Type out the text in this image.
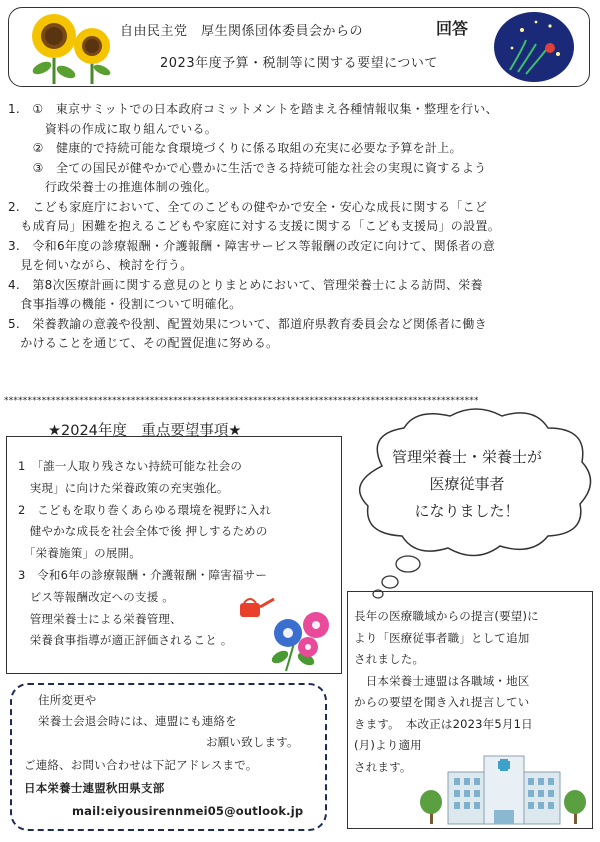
自由民主党　厚生関係団体委員会からの	回答
2023年度予算・税制等に関する要望について
1.　①　東京サミットでの日本政府コミットメントを踏まえ各種情報収集・整理を行い、
　　　資料の作成に取り組んでいる。
　　②　健康的で持続可能な食環境づくりに係る取組の充実に必要な予算を計上。
　　③　全ての国民が健やかで心豊かに生活できる持続可能な社会の実現に資するよう
　　　行政栄養士の推進体制の強化。
2.　こども家庭庁において、全てのこどもの健やかで安全・安心な成長に関する「こど
　も成育局」困難を抱えるこどもや家庭に対する支援に関する「こども支援局」の設置。
3.　令和6年度の診療報酬・介護報酬・障害サービス等報酬の改定に向けて、関係者の意
　見を伺いながら、検討を行う。
4.　第8次医療計画に関する意見のとりまとめにおいて、管理栄養士による訪問、栄養
　食事指導の機能・役割について明確化。
5.　栄養教諭の意義や役割、配置効果について、都道府県教育委員会など関係者に働き
　かけることを通じて、その配置促進に努める。
*****************************************************************************************************
★2024年度　重点要望事項★
1　「誰一人取り残さない持続可能な社会の
　実現」に向けた栄養政策の充実強化。
2　こどもを取り巻くあらゆる環境を視野に入れ
　健やかな成長を社会全体で後 押しするための
　「栄養施策」の展開。
3　令和6年の診療報酬・介護報酬・障害福サー
　ビス等報酬改定への支援 。
　管理栄養士による栄養管理、
　栄養食事指導が適正評価されること 。
管理栄養士・栄養士が
医療従事者
になりました！
長年の医療職域からの提言(要望)に
より「医療従事者職」として追加
されました。
　日本栄養士連盟は各職域・地区
からの要望を聞き入れ提言してい
きます。　本改正は2023年5月1日
(月)より適用
されます。
住所変更や
栄養士会退会時には、連盟にも連絡を
お願い致します。
ご連絡、お問い合わせは下記アドレスまで。
日本栄養士連盟秋田県支部
mail:eiyousirennmei05@outlook.jp
